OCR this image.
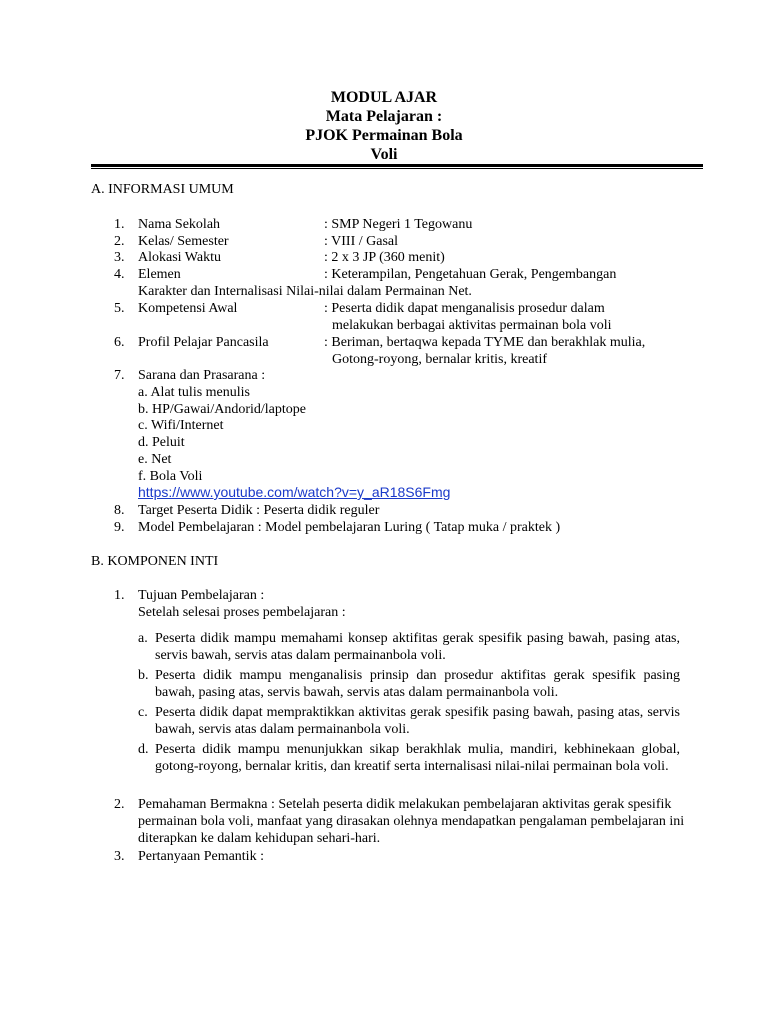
MODUL AJAR
Mata Pelajaran :
PJOK Permainan Bola
Voli
A. INFORMASI UMUM
1. Nama Sekolah	: SMP Negeri 1 Tegowanu
2. Kelas/ Semester	: VIII / Gasal
3. Alokasi Waktu	: 2 x 3 JP (360 menit)
4. Elemen	: Keterampilan, Pengetahuan Gerak, Pengembangan
Karakter dan Internalisasi Nilai-nilai dalam Permainan Net.
5. Kompetensi Awal	: Peserta didik dapat menganalisis prosedur dalam
melakukan berbagai aktivitas permainan bola voli
6. Profil Pelajar Pancasila	: Beriman, bertaqwa kepada TYME dan berakhlak mulia,
Gotong-royong, bernalar kritis, kreatif
7. Sarana dan Prasarana :
a. Alat tulis menulis
b. HP/Gawai/Andorid/laptope
c. Wifi/Internet
d. Peluit
e. Net
f. Bola Voli
https://www.youtube.com/watch?v=y_aR18S6Fmg
8. Target Peserta Didik : Peserta didik reguler
9. Model Pembelajaran : Model pembelajaran Luring ( Tatap muka / praktek )
B. KOMPONEN INTI
1. Tujuan Pembelajaran :
Setelah selesai proses pembelajaran :
a. Peserta didik mampu memahami konsep aktifitas gerak spesifik pasing bawah, pasing atas, servis bawah, servis atas dalam permainanbola voli.
b. Peserta didik mampu menganalisis prinsip dan prosedur aktifitas gerak spesifik pasing bawah, pasing atas, servis bawah, servis atas dalam permainanbola voli.
c. Peserta didik dapat mempraktikkan aktivitas gerak spesifik pasing bawah, pasing atas, servis bawah, servis atas dalam permainanbola voli.
d. Peserta didik mampu menunjukkan sikap berakhlak mulia, mandiri, kebhinekaan global, gotong-royong, bernalar kritis, dan kreatif serta internalisasi nilai-nilai permainan bola voli.
2. Pemahaman Bermakna : Setelah peserta didik melakukan pembelajaran aktivitas gerak spesifik permainan bola voli, manfaat yang dirasakan olehnya mendapatkan pengalaman pembelajaran ini diterapkan ke dalam kehidupan sehari-hari.
3. Pertanyaan Pemantik :
